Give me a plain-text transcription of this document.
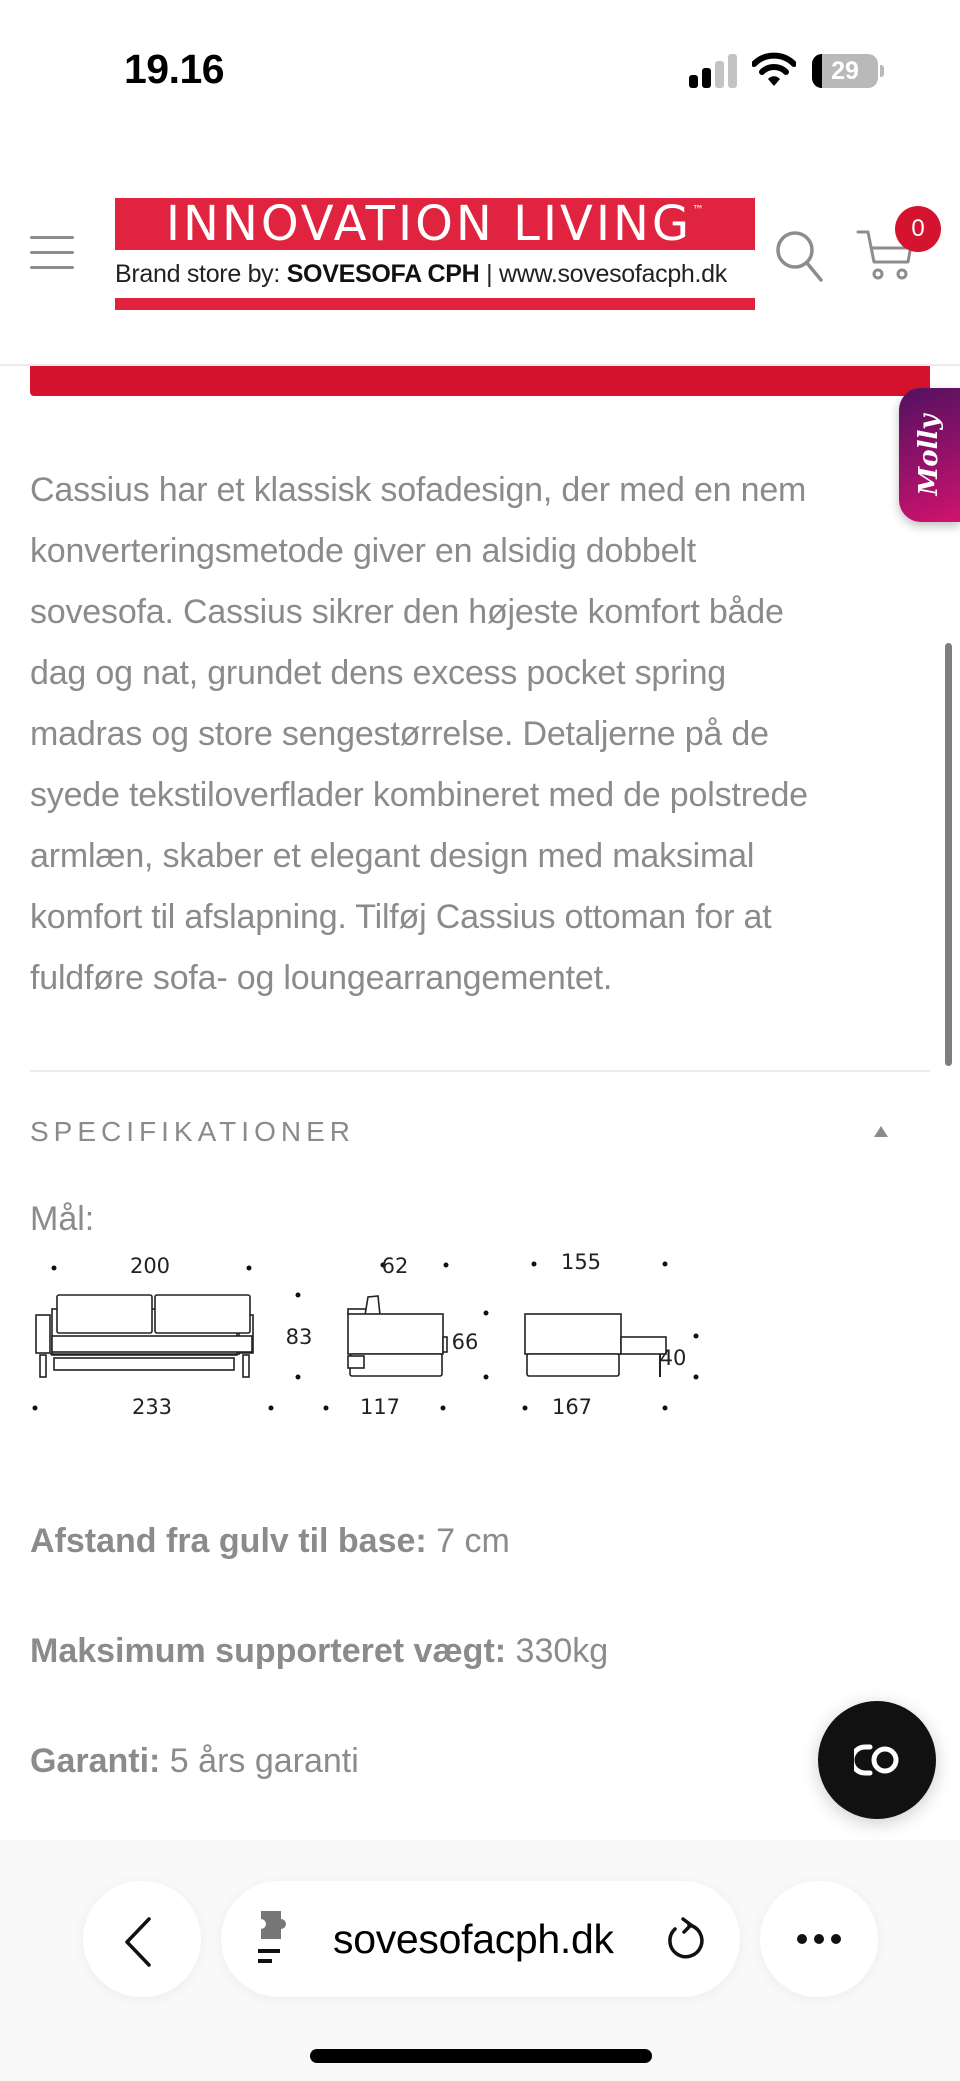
19.16	29
INNOVATION LIVING™
Brand store by: SOVESOFA CPH | www.sovesofacph.dk
0
Molly
Cassius har et klassisk sofadesign, der med en nem
konverteringsmetode giver en alsidig dobbelt
sovesofa. Cassius sikrer den højeste komfort både
dag og nat, grundet dens excess pocket spring
madras og store sengestørrelse. Detaljerne på de
syede tekstiloverflader kombineret med de polstrede
armlæn, skaber et elegant design med maksimal
komfort til afslapning. Tilføj Cassius ottoman for at
fuldføre sofa- og loungearrangementet.
SPECIFIKATIONER
Mål:
200
233
83
62
117
66
155
167
40
Afstand fra gulv til base: 7 cm
Maksimum supporteret vægt: 330kg
Garanti: 5 års garanti
sovesofacph.dk
